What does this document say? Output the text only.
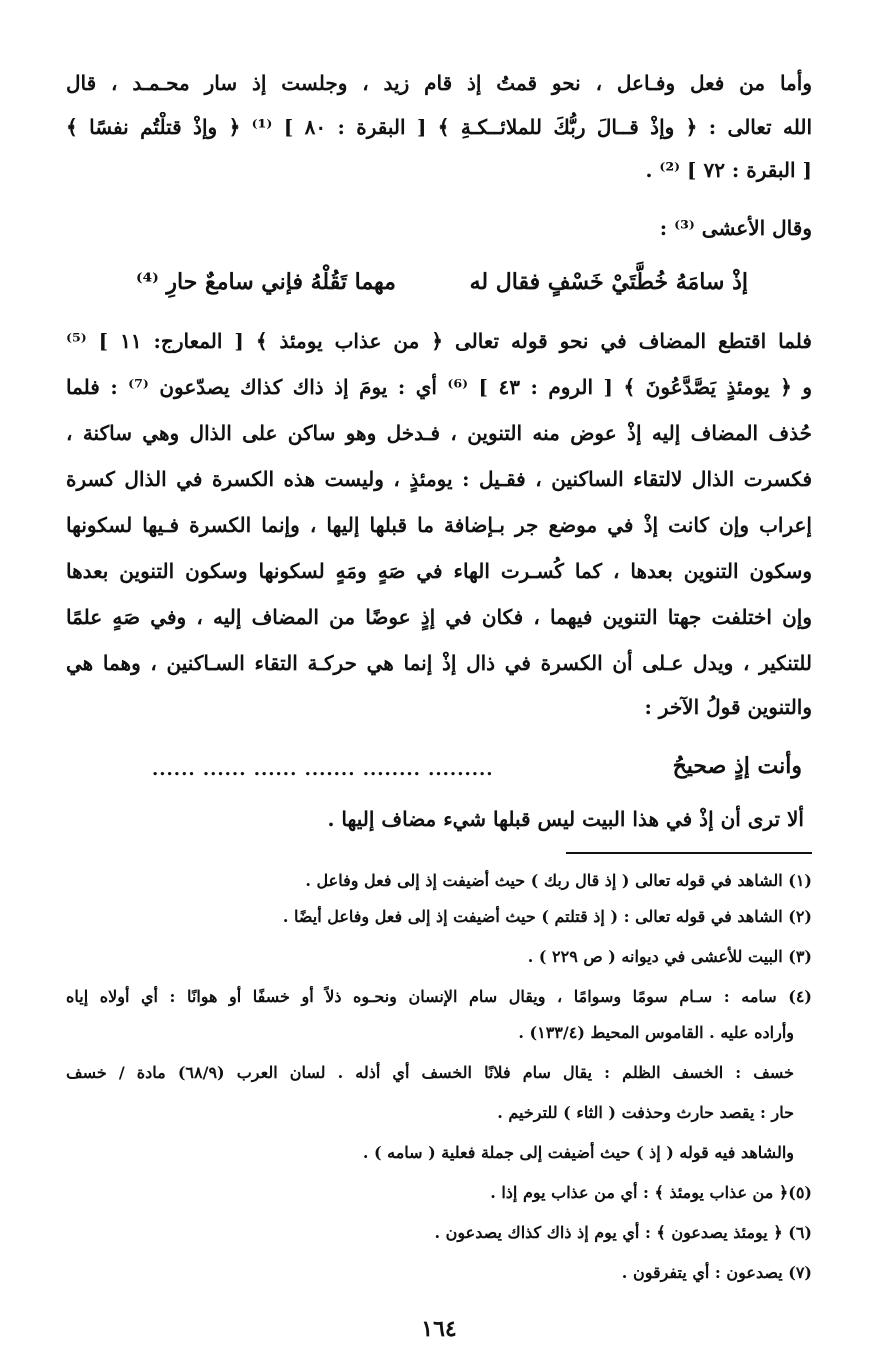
وأما من فعل وفـاعل ، نحو قمتُ إذ قام زيد ، وجلست إذ سار محـمـد ، قال
الله تعالى : ﴿ وإذْ قــالَ ربُّكَ للملائــكـةِ ﴾ [ البقرة : ٨٠ ] ⁽¹⁾ ﴿ وإذْ قتلْتُم نفسًا ﴾
[ البقرة : ٧٢ ] ⁽²⁾ .
وقال الأعشى ⁽³⁾ :
إذْ سامَهُ خُطَّتَيْ خَسْفٍ فقال له
مهما تَقُلْهُ فإني سامعٌ حارِ ⁽⁴⁾
فلما اقتطع المضاف في نحو قوله تعالى ﴿ من عذاب يومئذ ﴾ [ المعارج: ١١ ] ⁽⁵⁾
و ﴿ يومئذٍ يَصَّدَّعُونَ ﴾ [ الروم : ٤٣ ] ⁽⁶⁾ أي : يومَ إذ ذاك كذاك يصدّعون ⁽⁷⁾ : فلما
حُذف المضاف إليه إذْ عوض منه التنوين ، فـدخل وهو ساكن على الذال وهي ساكنة ،
فكسرت الذال لالتقاء الساكنين ، فقـيل : يومئذٍ ، وليست هذه الكسرة في الذال كسرة
إعراب وإن كانت إذْ في موضع جر بـإضافة ما قبلها إليها ، وإنما الكسرة فـيها لسكونها
وسكون التنوين بعدها ، كما كُسـرت الهاء في صَهٍ ومَهٍ لسكونها وسكون التنوين بعدها
وإن اختلفت جهتا التنوين فيهما ، فكان في إذٍ عوضًا من المضاف إليه ، وفي صَهٍ علمًا
للتنكير ، ويدل عـلى أن الكسرة في ذال إذْ إنما هي حركـة التقاء السـاكنين ، وهما هي
والتنوين قولُ الآخر :
وأنت إذٍ صحيحُ
......... ........ ....... ...... ...... ......
ألا ترى أن إذْ في هذا البيت ليس قبلها شيء مضاف إليها .
(١) الشاهد في قوله تعالى ( إذ قال ربك ) حيث أضيفت إذ إلى فعل وفاعل .
(٢) الشاهد في قوله تعالى : ( إذ قتلتم ) حيث أضيفت إذ إلى فعل وفاعل أيضًا .
(٣) البيت للأعشى في ديوانه ( ص ٢٢٩ ) .
(٤) سامه : سـام سومًا وسوامًا ، ويقال سام الإنسان ونحـوه ذلاً أو خسفًا أو هوانًا : أي أولاه إياه
وأراده عليه . القاموس المحيط (١٣٣/٤) .
خسف : الخسف الظلم : يقال سام فلانًا الخسف أي أذله . لسان العرب (٦٨/٩) مادة / خسف
حار : يقصد حارث وحذفت ( الثاء ) للترخيم .
والشاهد فيه قوله ( إذ ) حيث أضيفت إلى جملة فعلية ( سامه ) .
(٥)﴿ من عذاب يومئذ ﴾ : أي من عذاب يوم إذا .
(٦) ﴿ يومئذ يصدعون ﴾ : أي يوم إذ ذاك كذاك يصدعون .
(٧) يصدعون : أي يتفرقون .
١٦٤
